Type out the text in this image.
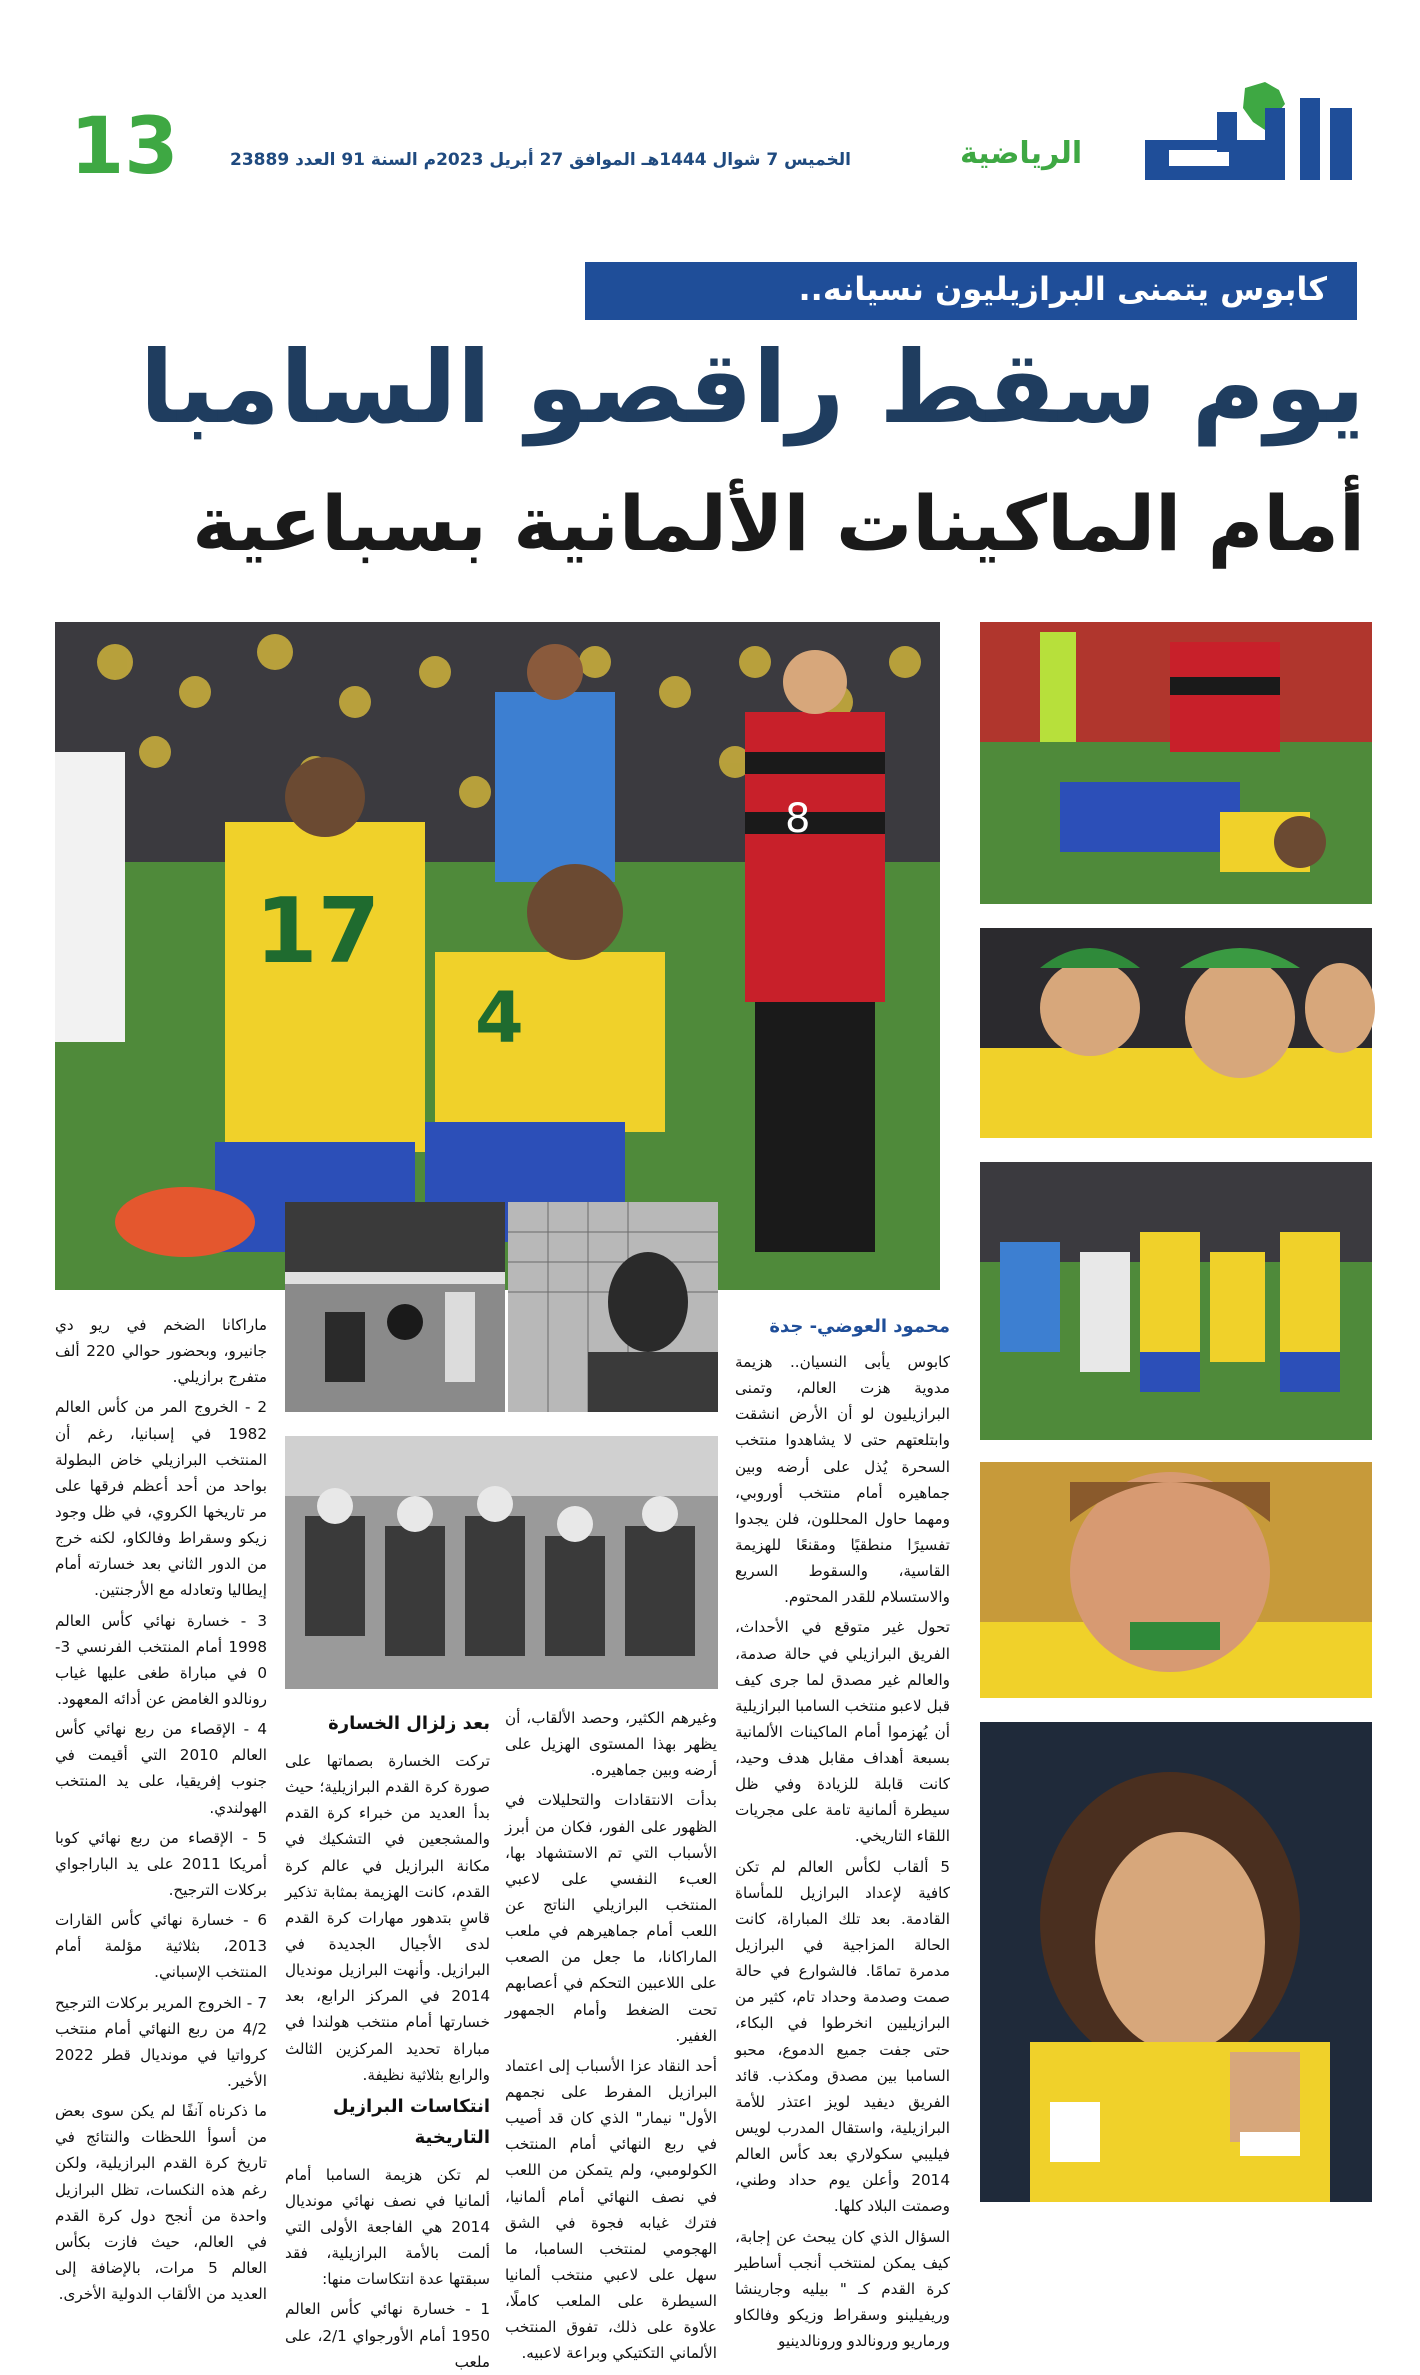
13	الخميس 7 شوال 1444هـ الموافق 27 أبريل 2023م السنة 91 العدد 23889	الرياضية
كابوس يتمنى البرازيليون نسيانه..
يوم سقط راقصو السامبا
أمام الماكينات الألمانية بسباعية
17
4
8
محمود العوضي- جدة

كابوس يأبى النسيان.. هزيمة مدوية هزت العالم، وتمنى البرازيليون لو أن الأرض انشقت وابتلعتهم حتى لا يشاهدوا منتخب السحرة يُذل على أرضه وبين جماهيره أمام منتخب أوروبي، ومهما حاول المحللون، فلن يجدوا تفسيرًا منطقيًا ومقنعًا للهزيمة القاسية، والسقوط السريع والاستسلام للقدر المحتوم.

تحول غير متوقع في الأحداث، الفريق البرازيلي في حالة صدمة، والعالم غير مصدق لما جرى كيف قبل لاعبو منتخب السامبا البرازيلية أن يُهزموا أمام الماكينات الألمانية بسبعة أهداف مقابل هدف وحيد، كانت قابلة للزيادة وفي ظل سيطرة ألمانية تامة على مجريات اللقاء التاريخي.

5 ألقاب لكأس العالم لم تكن كافية لإعداد البرازيل للمأساة القادمة. بعد تلك المباراة، كانت الحالة المزاجية في البرازيل مدمرة تمامًا. فالشوارع في حالة صمت وصدمة وحداد تام، كثير من البرازيليين انخرطوا في البكاء، حتى جفت جميع الدموع، محبو السامبا بين مصدق ومكذب. قائد الفريق ديفيد لويز اعتذر للأمة البرازيلية، واستقال المدرب لويس فيليبي سكولاري بعد كأس العالم 2014 وأعلن يوم حداد وطني، وصمتت البلاد كلها.

السؤال الذي كان يبحث عن إجابة، كيف يمكن لمنتخب أنجب أساطير كرة القدم كـ " بيليه وجارينشا وريفيلينو وسقراط وزيكو وفالكاو ورماريو ورونالدو ورونالدينيو

وغيرهم الكثير، وحصد الألقاب، أن يظهر بهذا المستوى الهزيل على أرضه وبين جماهيره.

بدأت الانتقادات والتحليلات في الظهور على الفور، فكان من أبرز الأسباب التي تم الاستشهاد بها، العبء النفسي على لاعبي المنتخب البرازيلي الناتج عن اللعب أمام جماهيرهم في ملعب الماراكانا، ما جعل من الصعب على اللاعبين التحكم في أعصابهم تحت الضغط وأمام الجمهور الغفير.

أحد النقاد عزا الأسباب إلى اعتماد البرازيل المفرط على نجمهم الأول" نيمار" الذي كان قد أصيب في ربع النهائي أمام المنتخب الكولومبي، ولم يتمكن من اللعب في نصف النهائي أمام ألمانيا، فترك غيابه فجوة في الشق الهجومي لمنتخب السامبا، ما سهل على لاعبي منتخب ألمانيا السيطرة على الملعب كاملًا، علاوة على ذلك، تفوق المنتخب الألماني التكتيكي وبراعة لاعبيه.

بعد زلزال الخسارة

تركت الخسارة بصماتها على صورة كرة القدم البرازيلية؛ حيث بدأ العديد من خبراء كرة القدم والمشجعين في التشكيك في مكانة البرازيل في عالم كرة القدم، كانت الهزيمة بمثابة تذكير قاسٍ بتدهور مهارات كرة القدم لدى الأجيال الجديدة في البرازيل. وأنهت البرازيل مونديال 2014 في المركز الرابع، بعد خسارتها أمام منتخب هولندا في مباراة تحديد المركزين الثالث والرابع بثلاثية نظيفة.

انتكاسات البرازيل التاريخية

لم تكن هزيمة السامبا أمام ألمانيا في نصف نهائي مونديال 2014 هي الفاجعة الأولى التي ألمت بالأمة البرازيلية، فقد سبقتها عدة انتكاسات منها:

1 - خسارة نهائي كأس العالم 1950 أمام الأورجواي 2/1، على ملعب

ماراكانا الضخم في ريو دي جانيرو، وبحضور حوالي 220 ألف متفرج برازيلي.

2 - الخروج المر من كأس العالم 1982 في إسبانيا، رغم أن المنتخب البرازيلي خاض البطولة بواحد من أحد أعظم فرقها على مر تاريخها الكروي، في ظل وجود زيكو وسقراط وفالكاو، لكنه خرج من الدور الثاني بعد خسارته أمام إيطاليا وتعادله مع الأرجنتين.

3 - خسارة نهائي كأس العالم 1998 أمام المنتخب الفرنسي 3-0 في مباراة طغى عليها غياب رونالدو الغامض عن أدائه المعهود.

4 - الإقصاء من ربع نهائي كأس العالم 2010 التي أقيمت في جنوب إفريقيا، على يد المنتخب الهولندي.

5 - الإقصاء من ربع نهائي كوبا أمريكا 2011 على يد الباراجواي بركلات الترجيح.

6 - خسارة نهائي كأس القارات 2013، بثلاثية مؤلمة أمام المنتخب الإسباني.

7 - الخروج المرير بركلات الترجيح 4/2 من ربع النهائي أمام منتخب كرواتيا في مونديال قطر 2022 الأخير.

ما ذكرناه آنفًا لم يكن سوى بعض من أسوأ اللحظات والنتائج في تاريخ كرة القدم البرازيلية، ولكن رغم هذه النكسات، تظل البرازيل واحدة من أنجح دول كرة القدم في العالم، حيث فازت بكأس العالم 5 مرات، بالإضافة إلى العديد من الألقاب الدولية الأخرى.
